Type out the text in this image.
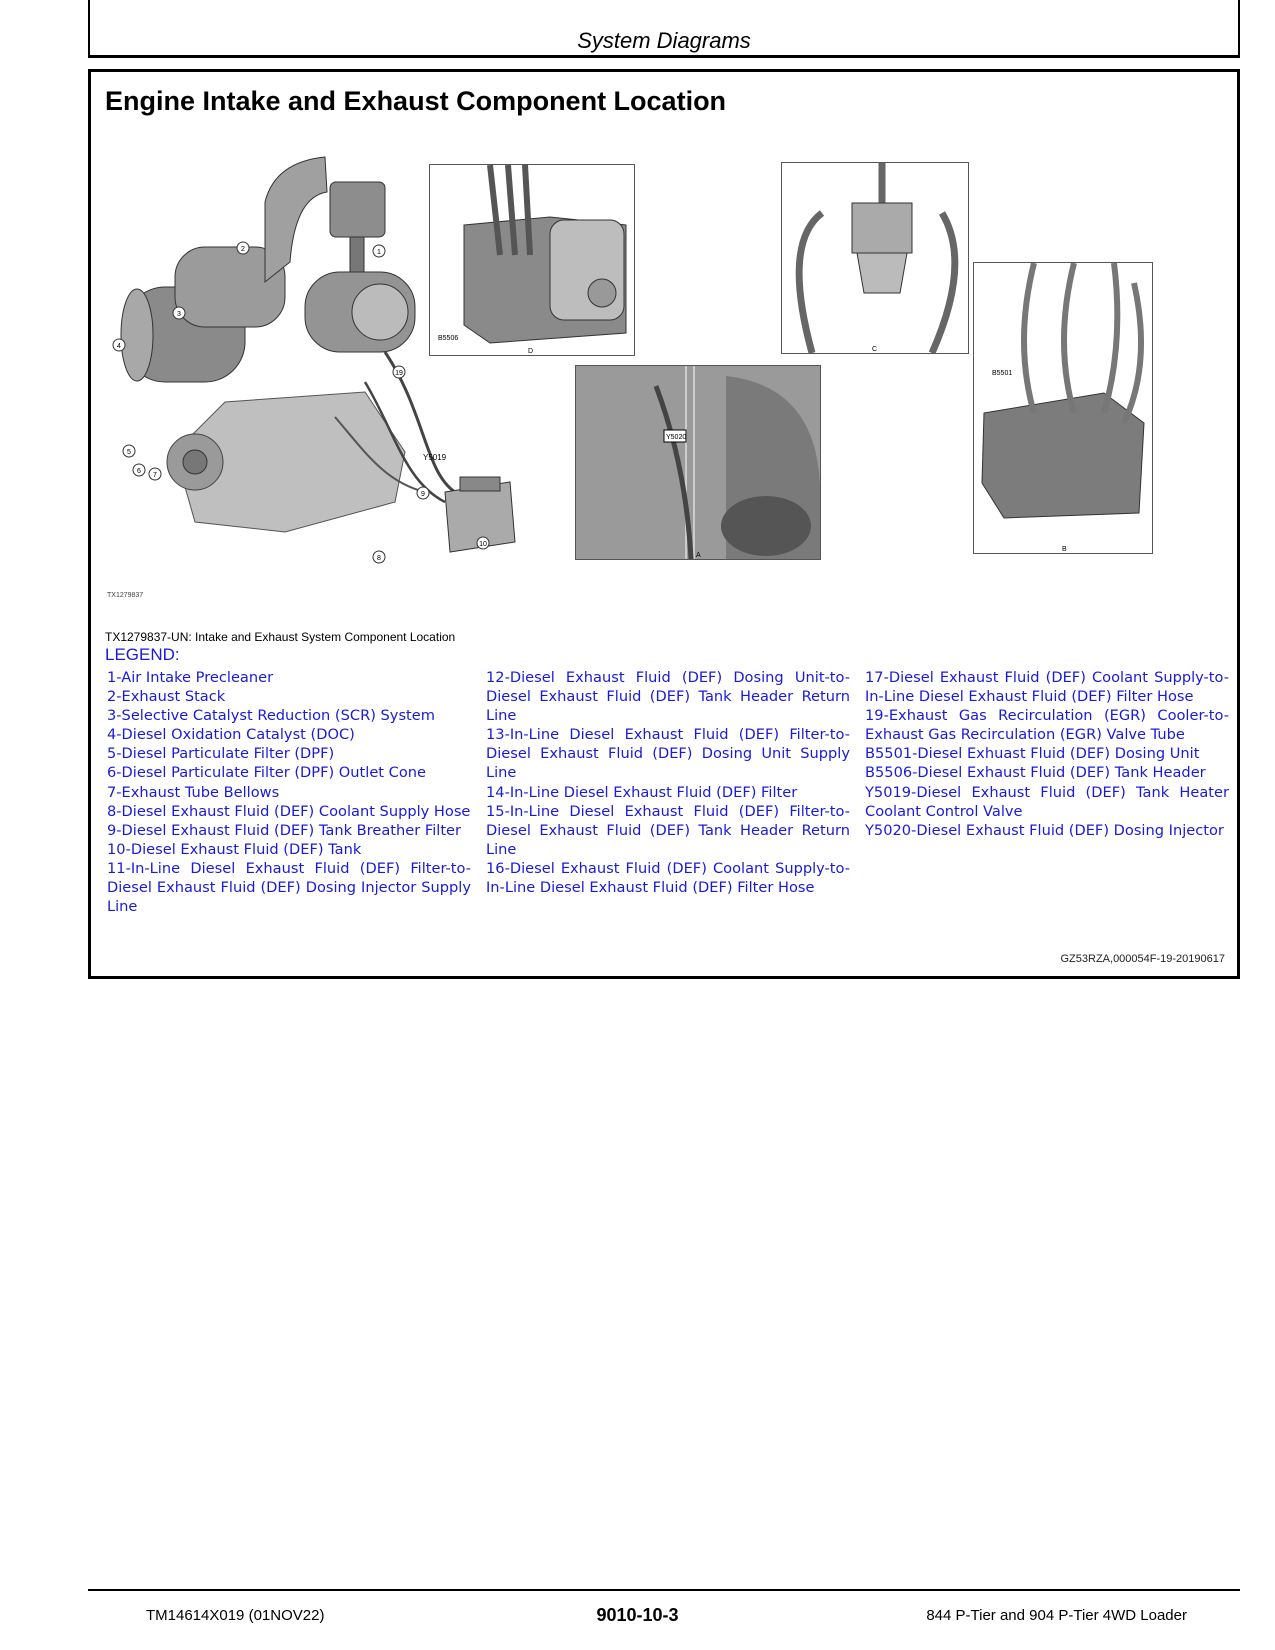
System Diagrams
Engine Intake and Exhaust Component Location
1
2
3
4
5
6
7
8
9
10
19
Y5019
B5506
D	C
Y5020
A
B5501
B
TX1279837
TX1279837-UN: Intake and Exhaust System Component Location
LEGEND:
1-Air Intake Precleaner
2-Exhaust Stack
3-Selective Catalyst Reduction (SCR) System
4-Diesel Oxidation Catalyst (DOC)
5-Diesel Particulate Filter (DPF)
6-Diesel Particulate Filter (DPF) Outlet Cone
7-Exhaust Tube Bellows
8-Diesel Exhaust Fluid (DEF) Coolant Supply Hose
9-Diesel Exhaust Fluid (DEF) Tank Breather Filter
10-Diesel Exhaust Fluid (DEF) Tank
11-In-Line Diesel Exhaust Fluid (DEF) Filter-to-Diesel Exhaust Fluid (DEF) Dosing Injector Supply Line
12-Diesel Exhaust Fluid (DEF) Dosing Unit-to-Diesel Exhaust Fluid (DEF) Tank Header Return Line
13-In-Line Diesel Exhaust Fluid (DEF) Filter-to-Diesel Exhaust Fluid (DEF) Dosing Unit Supply Line
14-In-Line Diesel Exhaust Fluid (DEF) Filter
15-In-Line Diesel Exhaust Fluid (DEF) Filter-to-Diesel Exhaust Fluid (DEF) Tank Header Return Line
16-Diesel Exhaust Fluid (DEF) Coolant Supply-to-In-Line Diesel Exhaust Fluid (DEF) Filter Hose
17-Diesel Exhaust Fluid (DEF) Coolant Supply-to-In-Line Diesel Exhaust Fluid (DEF) Filter Hose
19-Exhaust Gas Recirculation (EGR) Cooler-to-Exhaust Gas Recirculation (EGR) Valve Tube
B5501-Diesel Exhuast Fluid (DEF) Dosing Unit
B5506-Diesel Exhaust Fluid (DEF) Tank Header
Y5019-Diesel Exhaust Fluid (DEF) Tank Heater Coolant Control Valve
Y5020-Diesel Exhaust Fluid (DEF) Dosing Injector
GZ53RZA,000054F-19-20190617
TM14614X019 (01NOV22)	9010-10-3	844 P-Tier and 904 P-Tier 4WD Loader
